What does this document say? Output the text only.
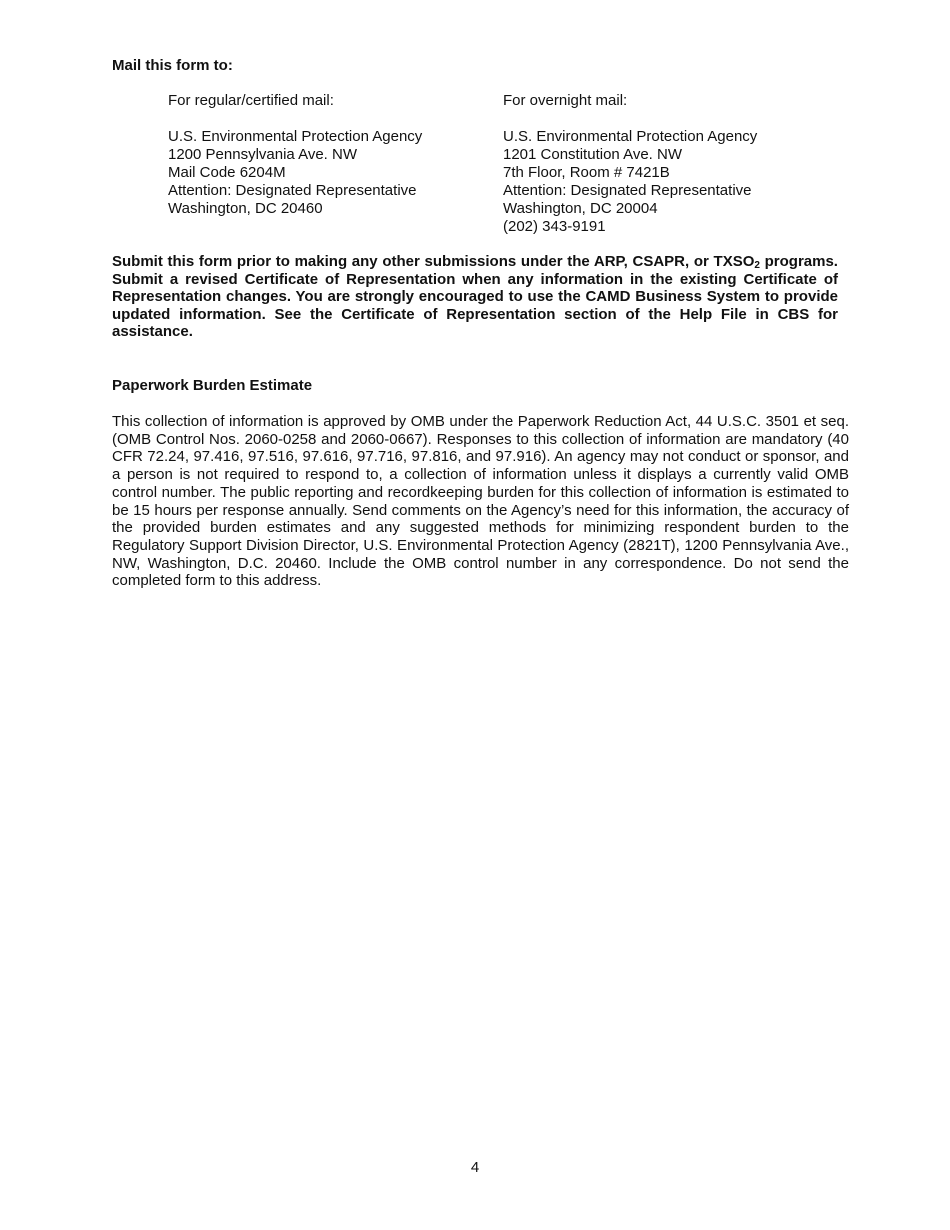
Mail this form to:
For regular/certified mail:
U.S. Environmental Protection Agency
1200 Pennsylvania Ave. NW
Mail Code 6204M
Attention: Designated Representative
Washington, DC 20460
For overnight mail:
U.S. Environmental Protection Agency
1201 Constitution Ave. NW
7th Floor, Room # 7421B
Attention: Designated Representative
Washington, DC 20004
(202) 343-9191
Submit this form prior to making any other submissions under the ARP, CSAPR, or $TXSO_2$ programs. Submit a revised Certificate of Representation when any information in the existing Certificate of Representation changes. You are strongly encouraged to use the CAMD Business System to provide updated information. See the Certificate of Representation section of the Help File in CBS for assistance.
Paperwork Burden Estimate
This collection of information is approved by OMB under the Paperwork Reduction Act, 44 U.S.C. 3501 et seq. (OMB Control Nos. 2060-0258 and 2060-0667). Responses to this collection of information are mandatory (40 CFR 72.24, 97.416, 97.516, 97.616, 97.716, 97.816, and 97.916). An agency may not conduct or sponsor, and a person is not required to respond to, a collection of information unless it displays a currently valid OMB control number. The public reporting and recordkeeping burden for this collection of information is estimated to be 15 hours per response annually. Send comments on the Agency’s need for this information, the accuracy of the provided burden estimates and any suggested methods for minimizing respondent burden to the Regulatory Support Division Director, U.S. Environmental Protection Agency (2821T), 1200 Pennsylvania Ave., NW, Washington, D.C. 20460. Include the OMB control number in any correspondence. Do not send the completed form to this address.
4
